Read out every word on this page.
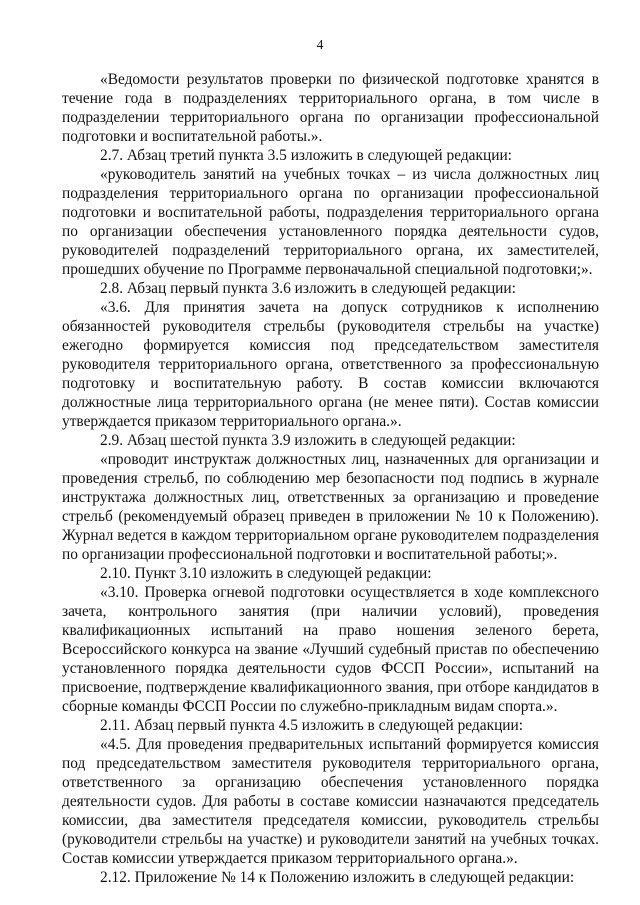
4

«Ведомости результатов проверки по физической подготовке хранятся в течение года в подразделениях территориального органа, в том числе в подразделении территориального органа по организации профессиональной подготовки и воспитательной работы.».

2.7. Абзац третий пункта 3.5 изложить в следующей редакции:

«руководитель занятий на учебных точках – из числа должностных лиц подразделения территориального органа по организации профессиональной подготовки и воспитательной работы, подразделения территориального органа по организации обеспечения установленного порядка деятельности судов, руководителей подразделений территориального органа, их заместителей, прошедших обучение по Программе первоначальной специальной подготовки;».

2.8. Абзац первый пункта 3.6 изложить в следующей редакции:

«3.6. Для принятия зачета на допуск сотрудников к исполнению обязанностей руководителя стрельбы (руководителя стрельбы на участке) ежегодно формируется комиссия под председательством заместителя руководителя территориального органа, ответственного за профессиональную подготовку и воспитательную работу. В состав комиссии включаются должностные лица территориального органа (не менее пяти). Состав комиссии утверждается приказом территориального органа.».

2.9. Абзац шестой пункта 3.9 изложить в следующей редакции:

«проводит инструктаж должностных лиц, назначенных для организации и проведения стрельб, по соблюдению мер безопасности под подпись в журнале инструктажа должностных лиц, ответственных за организацию и проведение стрельб (рекомендуемый образец приведен в приложении № 10 к Положению). Журнал ведется в каждом территориальном органе руководителем подразделения по организации профессиональной подготовки и воспитательной работы;».

2.10. Пункт 3.10 изложить в следующей редакции:

«3.10. Проверка огневой подготовки осуществляется в ходе комплексного зачета, контрольного занятия (при наличии условий), проведения квалификационных испытаний на право ношения зеленого берета, Всероссийского конкурса на звание «Лучший судебный пристав по обеспечению установленного порядка деятельности судов ФССП России», испытаний на присвоение, подтверждение квалификационного звания, при отборе кандидатов в сборные команды ФССП России по служебно-прикладным видам спорта.».

2.11. Абзац первый пункта 4.5 изложить в следующей редакции:

«4.5. Для проведения предварительных испытаний формируется комиссия под председательством заместителя руководителя территориального органа, ответственного за организацию обеспечения установленного порядка деятельности судов. Для работы в составе комиссии назначаются председатель комиссии, два заместителя председателя комиссии, руководитель стрельбы (руководители стрельбы на участке) и руководители занятий на учебных точках. Состав комиссии утверждается приказом территориального органа.».

2.12. Приложение № 14 к Положению изложить в следующей редакции:
